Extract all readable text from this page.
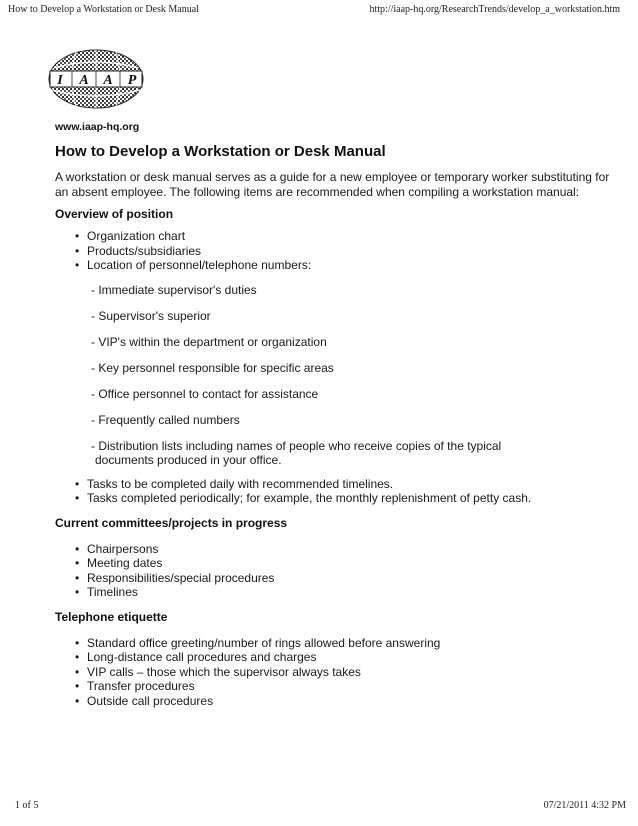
How to Develop a Workstation or Desk Manual	http://iaap-hq.org/ResearchTrends/develop_a_workstation.htm
I A A P
www.iaap-hq.org
How to Develop a Workstation or Desk Manual

A workstation or desk manual serves as a guide for a new employee or temporary worker substituting for an absent employee. The following items are recommended when compiling a workstation manual:

Overview of position
• Organization chart
• Products/subsidiaries
• Location of personnel/telephone numbers:
- Immediate supervisor's duties
- Supervisor's superior
- VIP's within the department or organization
- Key personnel responsible for specific areas
- Office personnel to contact for assistance
- Frequently called numbers
- Distribution lists including names of people who receive copies of the typical
documents produced in your office.
• Tasks to be completed daily with recommended timelines.
• Tasks completed periodically; for example, the monthly replenishment of petty cash.
Current committees/projects in progress
• Chairpersons
• Meeting dates
• Responsibilities/special procedures
• Timelines
Telephone etiquette
• Standard office greeting/number of rings allowed before answering
• Long-distance call procedures and charges
• VIP calls – those which the supervisor always takes
• Transfer procedures
• Outside call procedures
1 of 5	07/21/2011 4:32 PM
